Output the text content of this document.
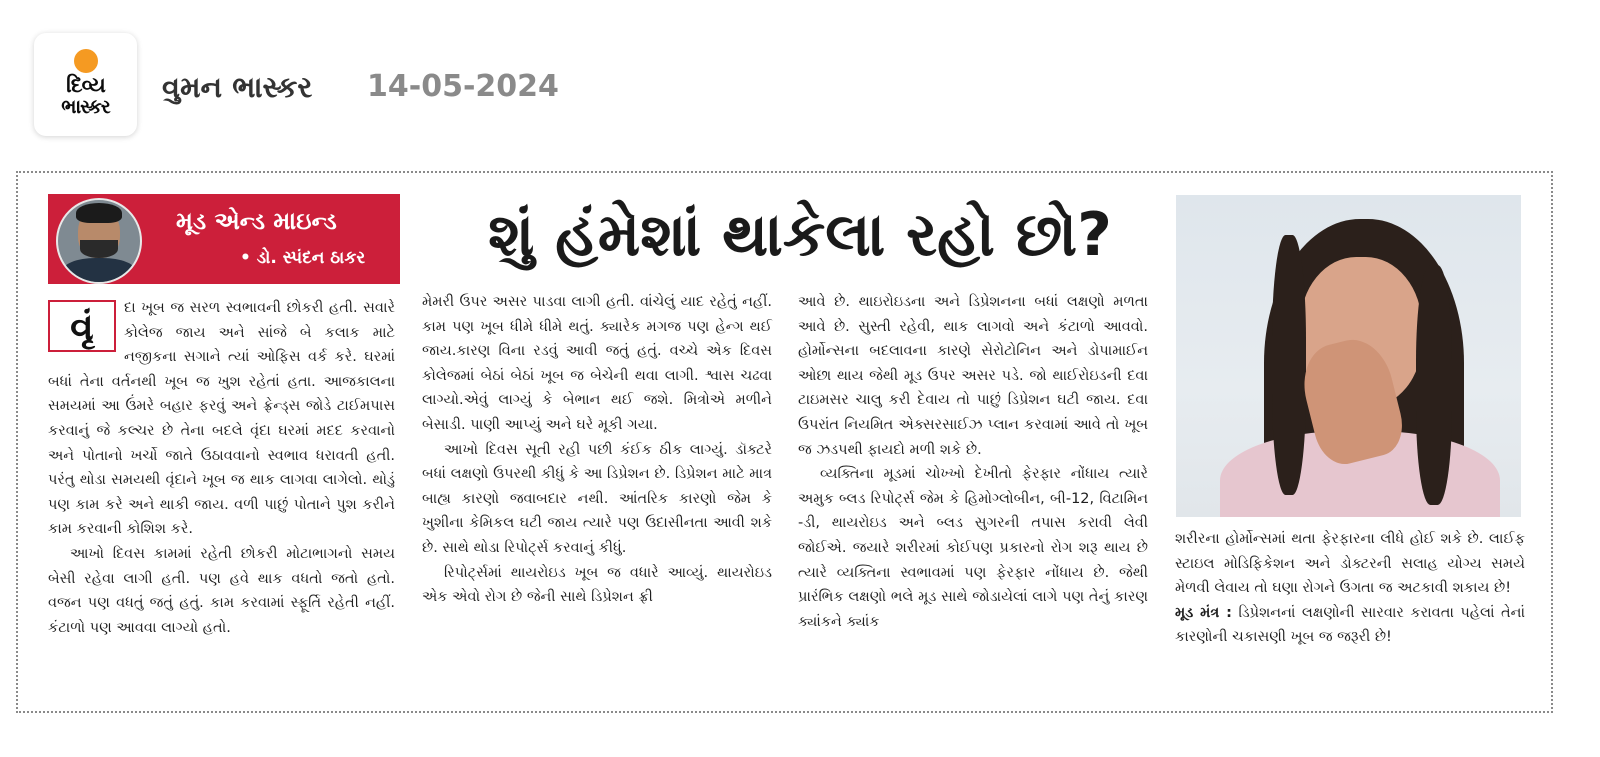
દિવ્ય
ભાસ્કર
વુમન ભાસ્કર 14-05-2024
મૂડ એન્ડ માઇન્ડ
• ડો. સ્પંદન ઠાકર શું હંમેશાં થાકેલા રહો છો?

વૃં	દા ખૂબ જ સરળ સ્વભાવની છોકરી હતી. સવારે કોલેજ જાય અને સાંજે બે કલાક માટે નજીકના સગાને ત્યાં ઓફિસ વર્ક કરે. ઘરમાં બધાં તેના વર્તનથી ખૂબ જ ખુશ રહેતાં હતા. આજકાલના સમયમાં આ ઉંમરે બહાર ફરવું અને ફ્રેન્ડ્સ જોડે ટાઈમપાસ કરવાનું જે કલ્ચર છે તેના બદલે વૃંદા ઘરમાં મદદ કરવાનો અને પોતાનો ખર્ચો જાતે ઉઠાવવાનો સ્વભાવ ધરાવતી હતી. પરંતુ થોડા સમયથી વૃંદાને ખૂબ જ થાક લાગવા લાગેલો. થોડું પણ કામ કરે અને થાકી જાય. વળી પાછું પોતાને પુશ કરીને કામ કરવાની કોશિશ કરે.

આખો દિવસ કામમાં રહેતી છોકરી મોટાભાગનો સમય બેસી રહેવા લાગી હતી. પણ હવે થાક વધતો જતો હતો. વજન પણ વધતું જતું હતું. કામ કરવામાં સ્ફૂર્તિ રહેતી નહીં. કંટાળો પણ આવવા લાગ્યો હતો.

મેમરી ઉપર અસર પાડવા લાગી હતી. વાંચેલું યાદ રહેતું નહીં. કામ પણ ખૂબ ધીમે ધીમે થતું. ક્યારેક મગજ પણ હેન્ગ થઈ જાય.કારણ વિના રડવું આવી જતું હતું. વચ્ચે એક દિવસ કોલેજમાં બેઠાં બેઠાં ખૂબ જ બેચેની થવા લાગી. શ્વાસ ચઢવા લાગ્યો.એવું લાગ્યું કે બેભાન થઈ જશે. મિત્રોએ મળીને બેસાડી. પાણી આપ્યું અને ઘરે મૂકી ગયા.

આખો દિવસ સૂતી રહી પછી કંઈક ઠીક લાગ્યું. ડૉક્ટરે બધાં લક્ષણો ઉપરથી કીધું કે આ ડિપ્રેશન છે. ડિપ્રેશન માટે માત્ર બાહ્ય કારણો જવાબદાર નથી. આંતરિક કારણો જેમ કે ખુશીના કેમિકલ ઘટી જાય ત્યારે પણ ઉદાસીનતા આવી શકે છે. સાથે થોડા રિપોર્ટ્સ કરવાનું કીધું.

રિપોર્ટ્સમાં થાયરોઇડ ખૂબ જ વધારે આવ્યું. થાયરોઇડ એક એવો રોગ છે જેની સાથે ડિપ્રેશન ફ્રી

આવે છે. થાઇરોઇડના અને ડિપ્રેશનના બધાં લક્ષણો મળતા આવે છે. સુસ્તી રહેવી, થાક લાગવો અને કંટાળો આવવો. હોર્મોન્સના બદલાવના કારણે સેરોટોનિન અને ડોપામાઈન ઓછા થાય જેથી મૂડ ઉપર અસર પડે. જો થાઈરોઇડની દવા ટાઇમસર ચાલુ કરી દેવાય તો પાછું ડિપ્રેશન ઘટી જાય. દવા ઉપરાંત નિયમિત એક્સરસાઈઝ પ્લાન કરવામાં આવે તો ખૂબ જ ઝડપથી ફાયદો મળી શકે છે.

વ્યક્તિના મૂડમાં ચોખ્ખો દેખીતો ફેરફાર નોંધાય ત્યારે અમુક બ્લડ રિપોર્ટ્સ જેમ કે હિમોગ્લોબીન, બી-12, વિટામિન -ડી, થાયરોઇડ અને બ્લડ સુગરની તપાસ કરાવી લેવી જોઈએ. જયારે શરીરમાં કોઈપણ પ્રકારનો રોગ શરૂ થાય છે ત્યારે વ્યક્તિના સ્વભાવમાં પણ ફેરફાર નોંધાય છે. જેથી પ્રારંભિક લક્ષણો ભલે મૂડ સાથે જોડાયેલાં લાગે પણ તેનું કારણ ક્યાંકને ક્યાંક

શરીરના હોર્મોન્સમાં થતા ફેરફારના લીધે હોઈ શકે છે. લાઈફ સ્ટાઇલ મોડિફિકેશન અને ડોક્ટરની સલાહ યોગ્ય સમયે મેળવી લેવાય તો ઘણા રોગને ઉગતા જ અટકાવી શકાય છે!

મૂડ મંત્ર : ડિપ્રેશનનાં લક્ષણોની સારવાર કરાવતા પહેલાં તેનાં કારણોની ચકાસણી ખૂબ જ જરૂરી છે!
